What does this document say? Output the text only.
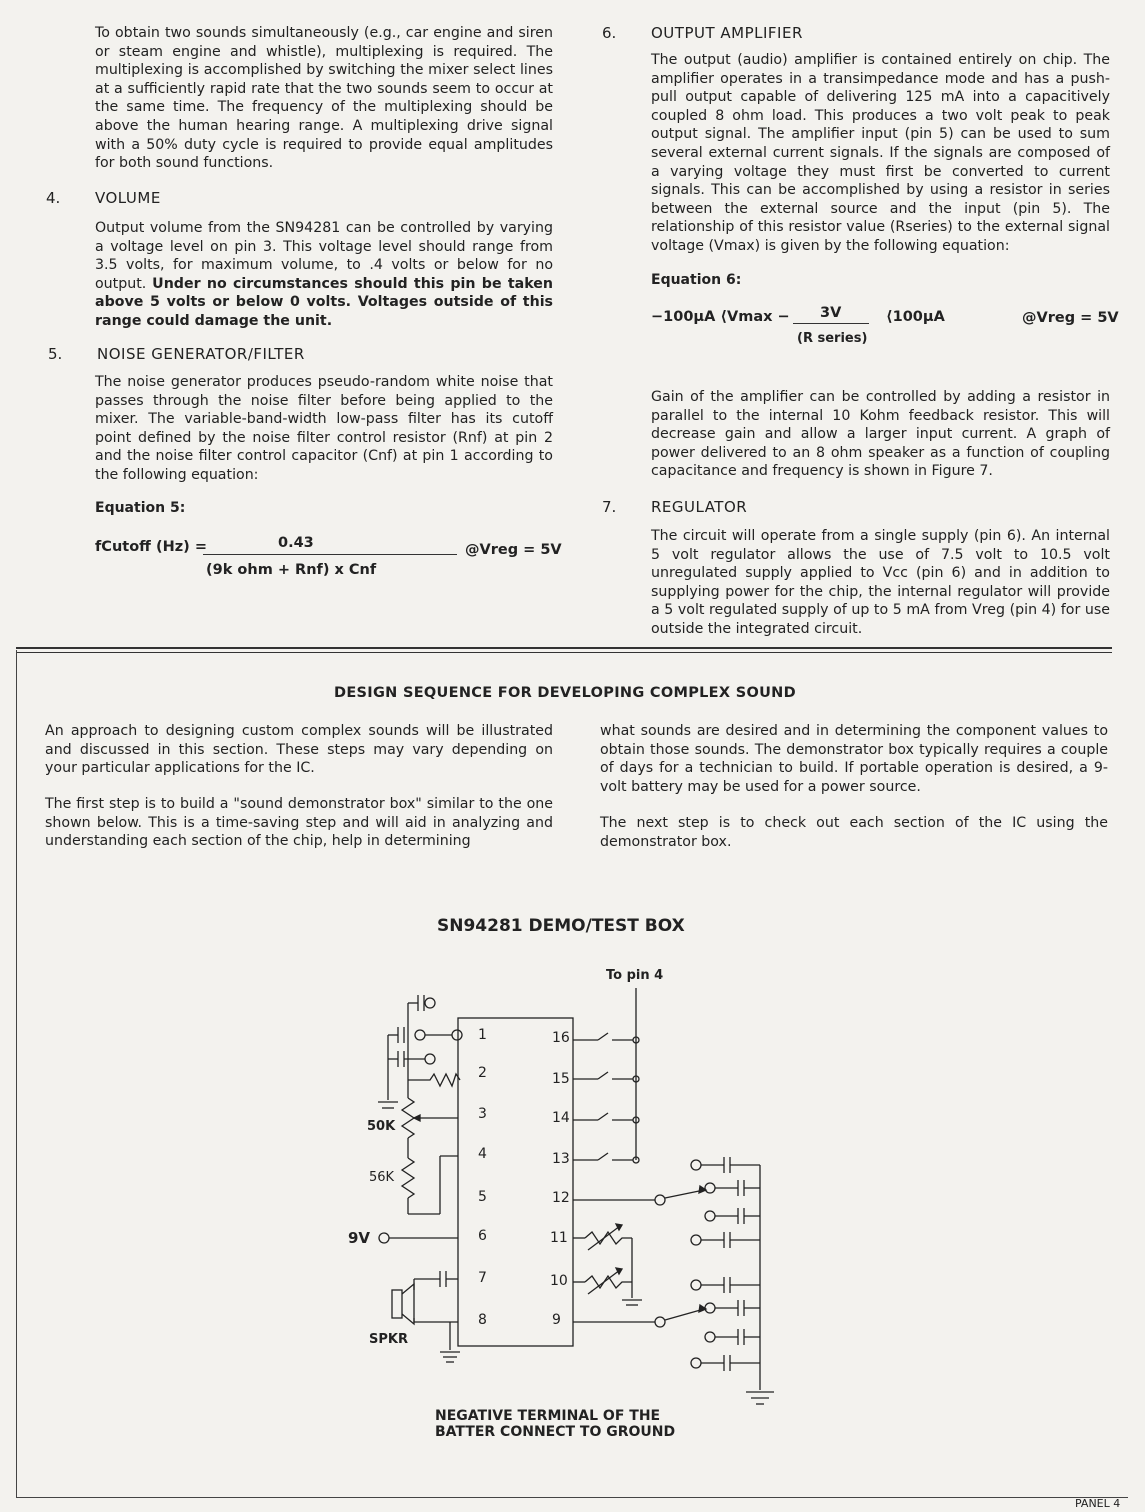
To obtain two sounds simultaneously (e.g., car engine and siren or steam engine and whistle), multiplexing is required. The multiplexing is accomplished by switching the mixer select lines at a sufficiently rapid rate that the two sounds seem to occur at the same time. The frequency of the multiplexing should be above the human hearing range. A multiplexing drive signal with a 50% duty cycle is required to provide equal amplitudes for both sound functions.

4. VOLUME

Output volume from the SN94281 can be controlled by varying a voltage level on pin 3. This voltage level should range from 3.5 volts, for maximum volume, to .4 volts or below for no output. Under no circumstances should this pin be taken above 5 volts or below 0 volts. Voltages outside of this range could damage the unit.

5. NOISE GENERATOR/FILTER

The noise generator produces pseudo-random white noise that passes through the noise filter before being applied to the mixer. The variable-band-width low-pass filter has its cutoff point defined by the noise filter control resistor (Rnf) at pin 2 and the noise filter control capacitor (Cnf) at pin 1 according to the following equation:

Equation 5:
fCutoff (Hz) =	0.43	@Vreg = 5V
(9k ohm + Rnf) x Cnf
6. OUTPUT AMPLIFIER

The output (audio) amplifier is contained entirely on chip. The amplifier operates in a transimpedance mode and has a push-pull output capable of delivering 125 mA into a capacitively coupled 8 ohm load. This produces a two volt peak to peak output signal. The amplifier input (pin 5) can be used to sum several external current signals. If the signals are composed of a varying voltage they must first be converted to current signals. This can be accomplished by using a resistor in series between the external source and the input (pin 5). The relationship of this resistor value (Rseries) to the external signal voltage (Vmax) is given by the following equation:

Equation 6:
−100μA ⟨Vmax − 3V	⟨100μA	@Vreg = 5V
(R series)

Gain of the amplifier can be controlled by adding a resistor in parallel to the internal 10 Kohm feedback resistor. This will decrease gain and allow a larger input current. A graph of power delivered to an 8 ohm speaker as a function of coupling capacitance and frequency is shown in Figure 7.

7. REGULATOR

The circuit will operate from a single supply (pin 6). An internal 5 volt regulator allows the use of 7.5 volt to 10.5 volt unregulated supply applied to Vcc (pin 6) and in addition to supplying power for the chip, the internal regulator will provide a 5 volt regulated supply of up to 5 mA from Vreg (pin 4) for use outside the integrated circuit.

DESIGN SEQUENCE FOR DEVELOPING COMPLEX SOUND

An approach to designing custom complex sounds will be illustrated and discussed in this section. These steps may vary depending on your particular applications for the IC.

The first step is to build a "sound demonstrator box" similar to the one shown below. This is a time-saving step and will aid in analyzing and understanding each section of the chip, help in determining

what sounds are desired and in determining the component values to obtain those sounds. The demonstrator box typically requires a couple of days for a technician to build. If portable operation is desired, a 9-volt battery may be used for a power source.

The next step is to check out each section of the IC using the demonstrator box.

SN94281 DEMO/TEST BOX
To pin 4
1
2
3
4
5
6
7
8
16
15
14
13
12
11
10
9
50K
56K
9V
SPKR
NEGATIVE TERMINAL OF THE
BATTER CONNECT TO GROUND
PANEL 4
